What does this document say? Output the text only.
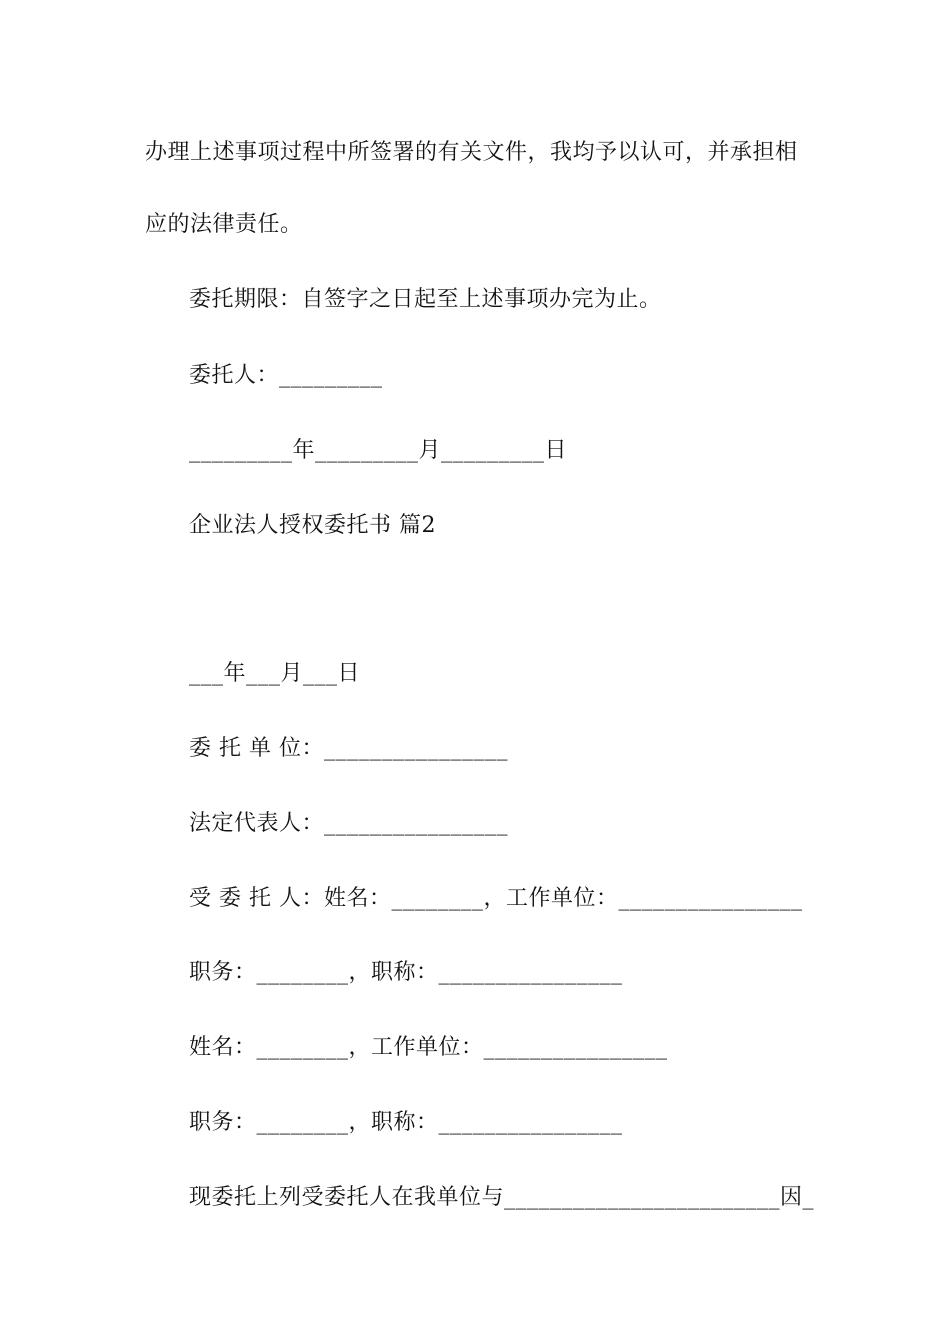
办理上述事项过程中所签署的有关文件，我均予以认可，并承担相
应的法律责任。
委托期限：自签字之日起至上述事项办完为止。
委托人：_________
_________年_________月_________日
企业法人授权委托书 篇2
___年___月___日
委 托 单 位：________________
法定代表人：________________
受 委 托 人：姓名：________，工作单位：________________
职务：________，职称：________________
姓名：________，工作单位：________________
职务：________，职称：________________
现委托上列受委托人在我单位与________________________因_
